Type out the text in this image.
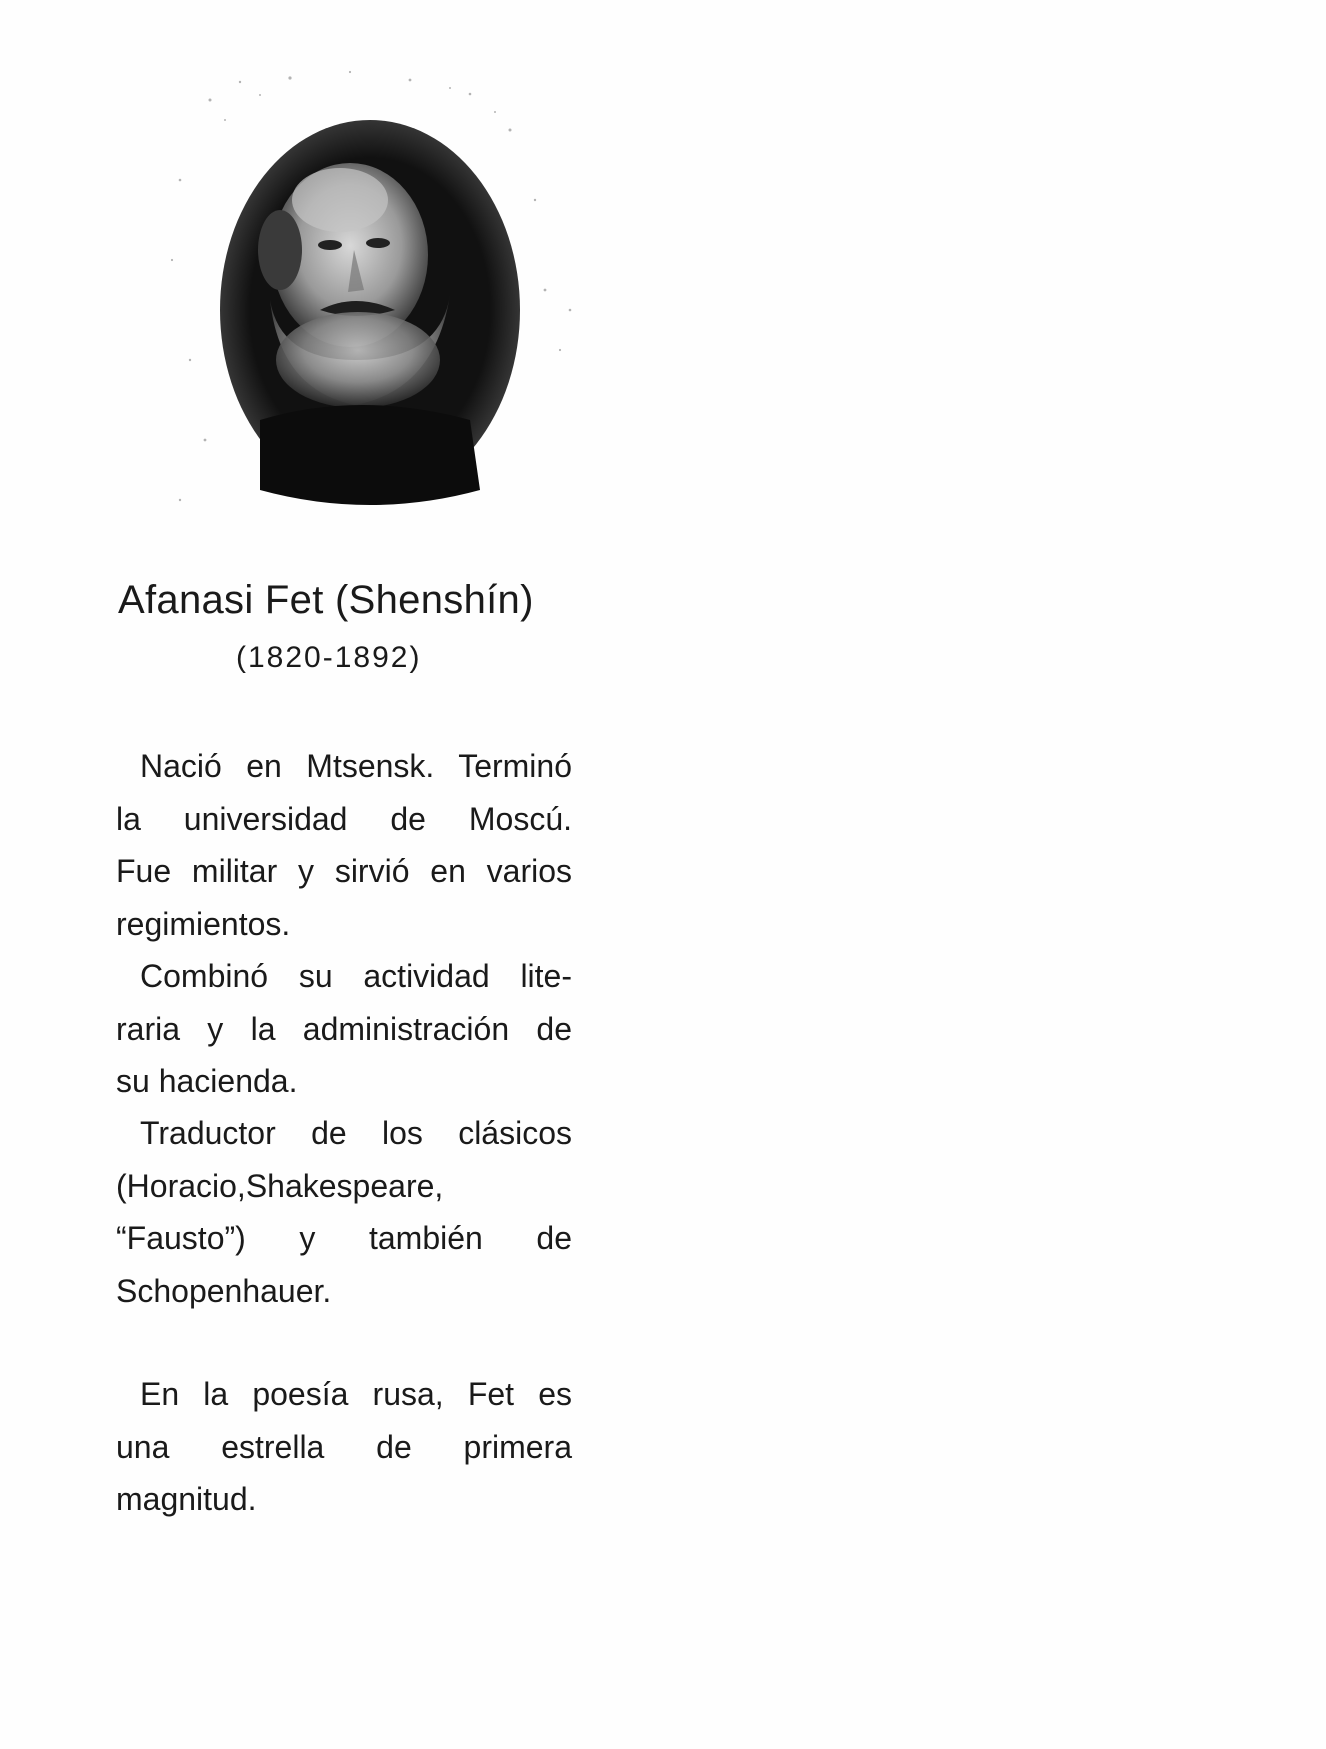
Afanasi Fet (Shenshín)
(1820-1892)
Nació en Mtsensk. Terminó
la universidad de Moscú.
Fue militar y sirvió en varios
regimientos.
Combinó su actividad lite-
raria y la administración de
su hacienda.
Traductor de los clásicos
(Horacio,Shakespeare,
“Fausto”) y también de
Schopenhauer.
En la poesía rusa, Fet es
una estrella de primera
magnitud.
